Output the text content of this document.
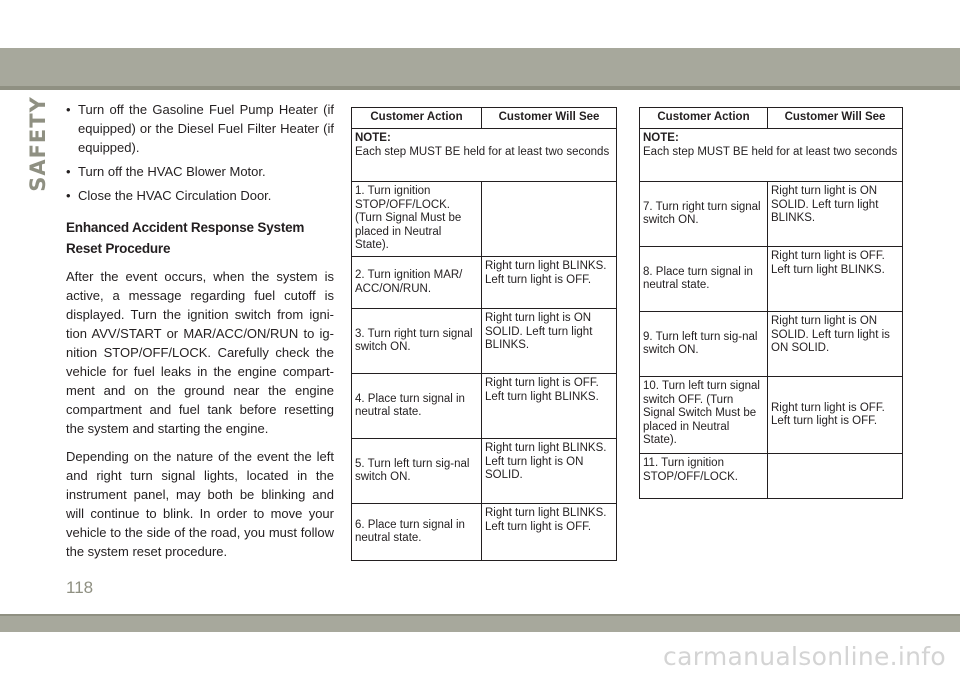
SAFETY • Turn off the Gasoline Fuel Pump Heater (if equipped) or the Diesel Fuel Filter Heater (if equipped).
• Turn off the HVAC Blower Motor.
• Close the HVAC Circulation Door.
Enhanced Accident Response System Reset Procedure

After the event occurs, when the system is active, a message regarding fuel cutoff is displayed. Turn the ignition switch from igni-tion AVV/START or MAR/ACC/ON/RUN to ig-nition STOP/OFF/LOCK. Carefully check the vehicle for fuel leaks in the engine compart-ment and on the ground near the engine compartment and fuel tank before resetting the system and starting the engine.

Depending on the nature of the event the left and right turn signal lights, located in the instrument panel, may both be blinking and will continue to blink. In order to move your vehicle to the side of the road, you must follow the system reset procedure.

Customer Action	Customer Will See

NOTE:
Each step MUST BE held for at least two seconds	
1. Turn ignition STOP/OFF/LOCK. (Turn Signal Must be placed in Neutral State).	
2. Turn ignition MAR/ ACC/ON/RUN.	Right turn light BLINKS. Left turn light is OFF.
3. Turn right turn signal switch ON.	Right turn light is ON SOLID. Left turn light BLINKS.
4. Place turn signal in neutral state.	Right turn light is OFF. Left turn light BLINKS.
5. Turn left turn sig-nal switch ON.	Right turn light BLINKS. Left turn light is ON SOLID.
6. Place turn signal in neutral state.	Right turn light BLINKS. Left turn light is OFF.
Customer Action	Customer Will See

NOTE:
Each step MUST BE held for at least two seconds	
7. Turn right turn signal switch ON.	Right turn light is ON SOLID. Left turn light BLINKS.
8. Place turn signal in neutral state.	Right turn light is OFF. Left turn light BLINKS.
9. Turn left turn sig-nal switch ON.	Right turn light is ON SOLID. Left turn light is ON SOLID.
10. Turn left turn signal switch OFF. (Turn Signal Switch Must be placed in Neutral State).	Right turn light is OFF. Left turn light is OFF.
11. Turn ignition STOP/OFF/LOCK.	
118
carmanualsonline.info
